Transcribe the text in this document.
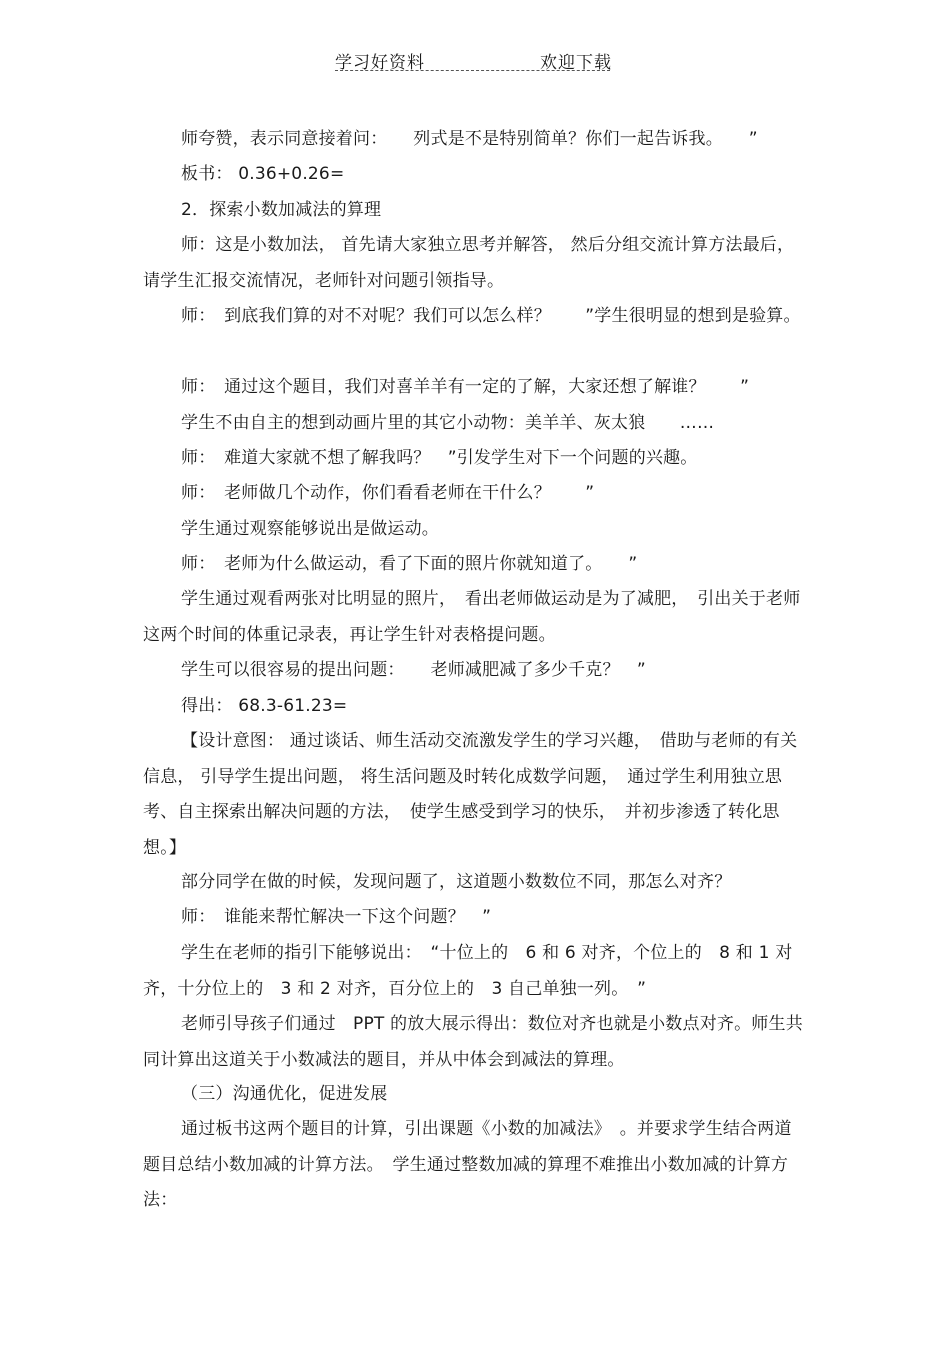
学习好资料	欢迎下载
师夸赞，表示同意接着问：　　列式是不是特别简单？你们一起告诉我。　　”
板书： 0.36+0.26=
2．探索小数加减法的算理
师：这是小数加法， 首先请大家独立思考并解答， 然后分组交流计算方法最后，请学生汇报交流情况，老师针对问题引领指导。
师：　到底我们算的对不对呢？我们可以怎么样？　　”学生很明显的想到是验算。
师：　通过这个题目，我们对喜羊羊有一定的了解，大家还想了解谁？　　”
学生不由自主的想到动画片里的其它小动物：美羊羊、灰太狼　　……
师：　难道大家就不想了解我吗？　”引发学生对下一个问题的兴趣。
师：　老师做几个动作，你们看看老师在干什么？　　”
学生通过观察能够说出是做运动。
师：　老师为什么做运动，看了下面的照片你就知道了。　　”
学生通过观看两张对比明显的照片，　看出老师做运动是为了减肥，　引出关于老师这两个时间的体重记录表，再让学生针对表格提问题。
学生可以很容易的提出问题：　　老师减肥减了多少千克？　”
得出： 68.3-61.23=
【设计意图： 通过谈话、师生活动交流激发学生的学习兴趣，　借助与老师的有关信息， 引导学生提出问题， 将生活问题及时转化成数学问题，　通过学生利用独立思考、自主探索出解决问题的方法，　使学生感受到学习的快乐，　并初步渗透了转化思想。】
部分同学在做的时候，发现问题了，这道题小数数位不同，那怎么对齐？
师：　谁能来帮忙解决一下这个问题？　”
学生在老师的指引下能够说出：　“十位上的　6 和 6 对齐，个位上的　8 和 1 对齐，十分位上的　3 和 2 对齐，百分位上的　3 自己单独一列。　”
老师引导孩子们通过　PPT 的放大展示得出：数位对齐也就是小数点对齐。师生共同计算出这道关于小数减法的题目，并从中体会到减法的算理。
（三）沟通优化，促进发展
通过板书这两个题目的计算，引出课题《小数的加减法》　。并要求学生结合两道题目总结小数加减的计算方法。　学生通过整数加减的算理不难推出小数加减的计算方法：
